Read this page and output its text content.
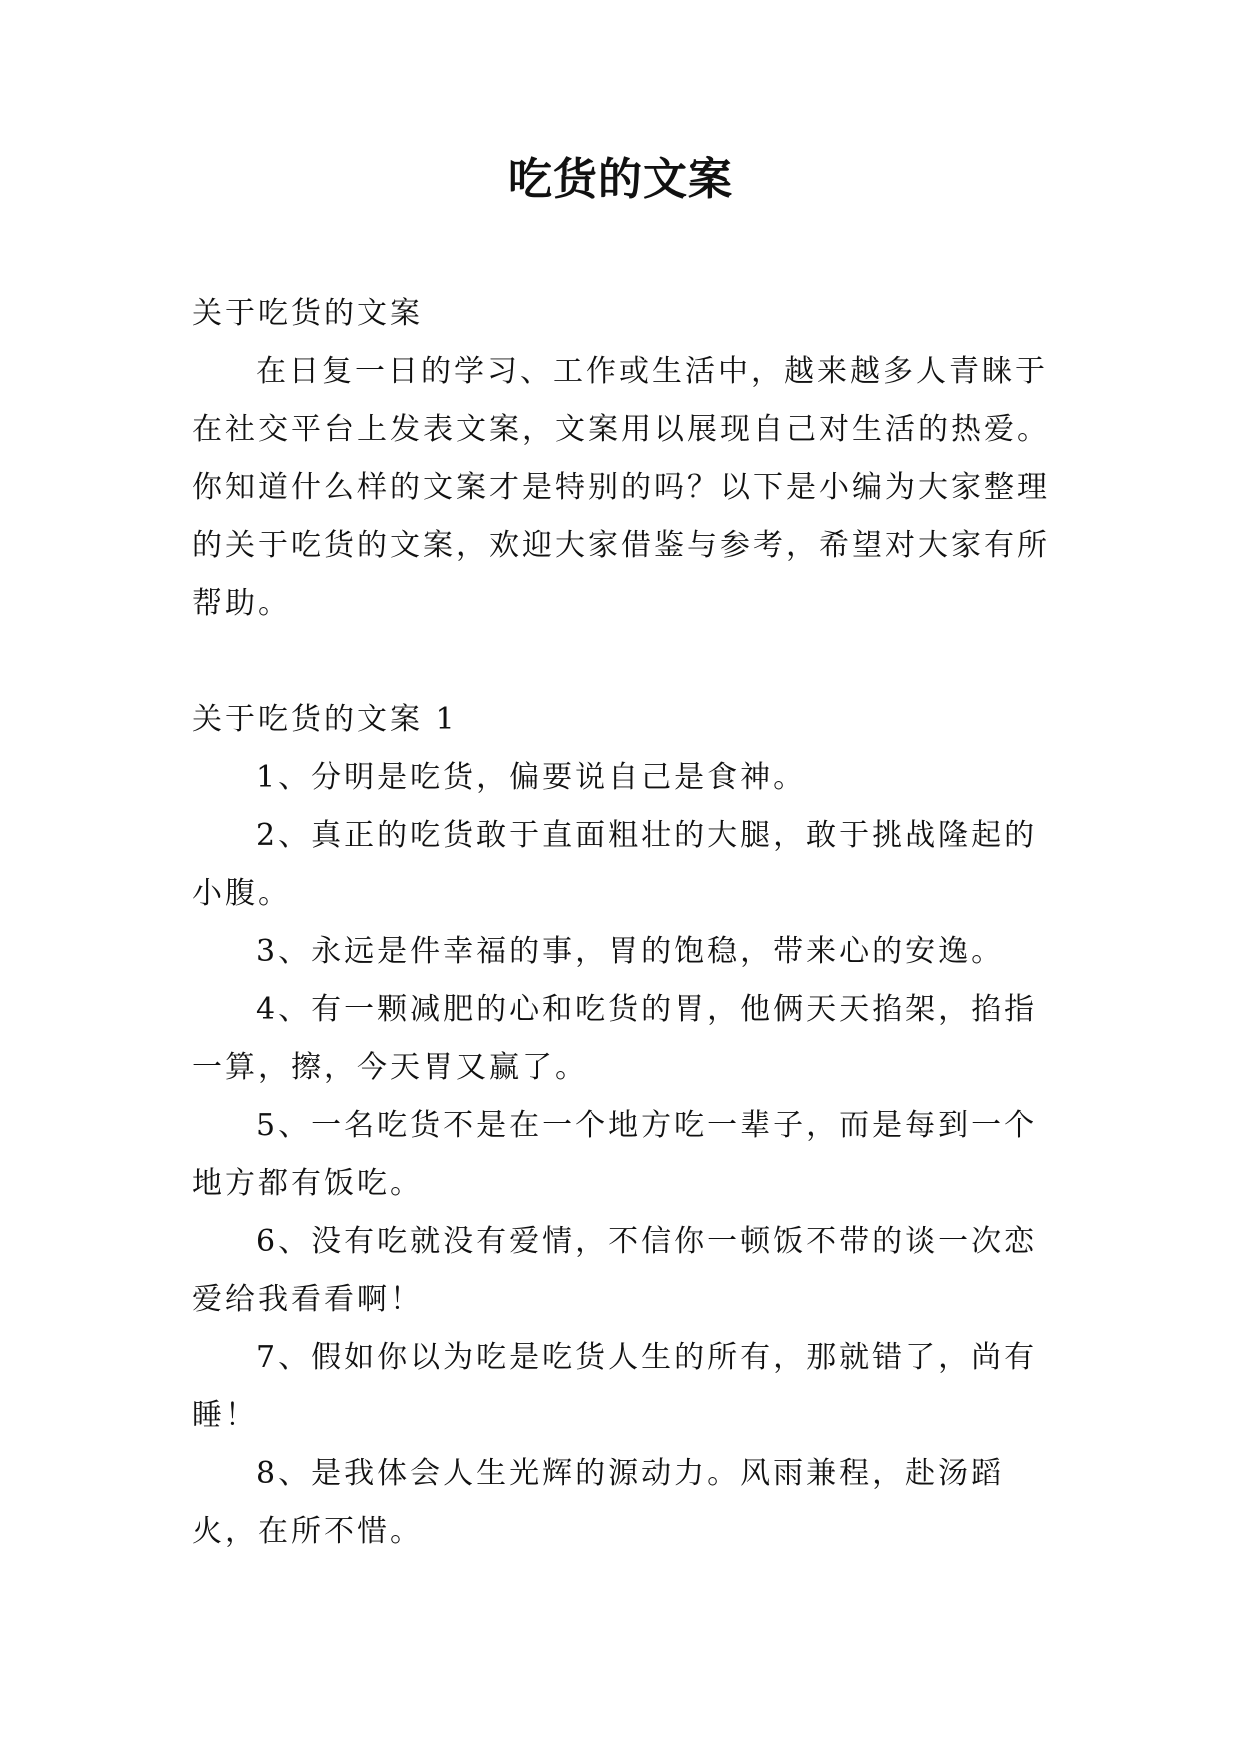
吃货的文案

关于吃货的文案

在日复一日的学习、工作或生活中，越来越多人青睐于在社交平台上发表文案，文案用以展现自己对生活的热爱。你知道什么样的文案才是特别的吗？以下是小编为大家整理的关于吃货的文案，欢迎大家借鉴与参考，希望对大家有所帮助。

关于吃货的文案 1

1、分明是吃货，偏要说自己是食神。

2、真正的吃货敢于直面粗壮的大腿，敢于挑战隆起的小腹。

3、永远是件幸福的事，胃的饱稳，带来心的安逸。

4、有一颗减肥的心和吃货的胃，他俩天天掐架，掐指一算，擦，今天胃又赢了。

5、一名吃货不是在一个地方吃一辈子，而是每到一个地方都有饭吃。

6、没有吃就没有爱情，不信你一顿饭不带的谈一次恋爱给我看看啊！

7、假如你以为吃是吃货人生的所有，那就错了，尚有睡！

8、是我体会人生光辉的源动力。风雨兼程，赴汤蹈火，在所不惜。
